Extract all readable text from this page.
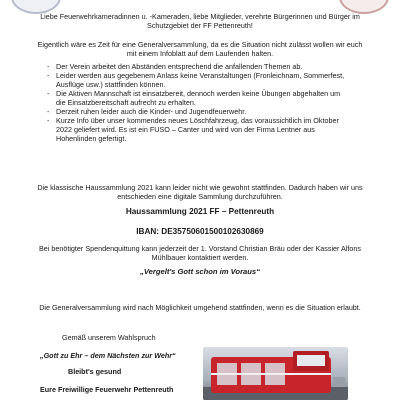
Liebe Feuerwehrkameradinnen u. -Kameraden, liebe Mitglieder, verehrte Bürgerinnen und Bürger im Schutzgebiet der FF Pettenreuth!
Eigentlich wäre es Zeit für eine Generalversammlung, da es die Situation nicht zulässt wollen wir euch mit einem Infoblatt auf dem Laufenden halten.
- Der Verein arbeitet den Abständen entsprechend die anfallenden Themen ab.
- Leider werden aus gegebenem Anlass keine Veranstaltungen (Fronleichnam, Sommerfest, Ausflüge usw.) stattfinden können.
- Die Aktiven Mannschaft ist einsatzbereit, dennoch werden keine Übungen abgehalten um die Einsatzbereitschaft aufrecht zu erhalten.
- Derzeit ruhen leider auch die Kinder- und Jugendfeuerwehr.
- Kurze Info über unser kommendes neues Löschfahrzeug, das voraussichtlich im Oktober 2022 geliefert wird. Es ist ein FUSO – Canter und wird von der Firma Lentner aus Hohenlinden gefertigt.
Die klassische Haussammlung 2021 kann leider nicht wie gewohnt stattfinden. Dadurch haben wir uns entschieden eine digitale Sammlung durchzuführen.
Haussammlung 2021 FF – Pettenreuth
IBAN: DE35750601500102630869
Bei benötigter Spendenquittung kann jederzeit der 1. Vorstand Christian Bräu oder der Kassier Alfons Mühlbauer kontaktiert werden.
„Vergelt's Gott schon im Voraus“
Die Generalversammlung wird nach Möglichkeit umgehend stattfinden, wenn es die Situation erlaubt.
Gemäß unserem Wahlspruch
„Gott zu Ehr – dem Nächsten zur Wehr“
Bleibt's gesund
Eure Freiwillige Feuerwehr Pettenreuth
